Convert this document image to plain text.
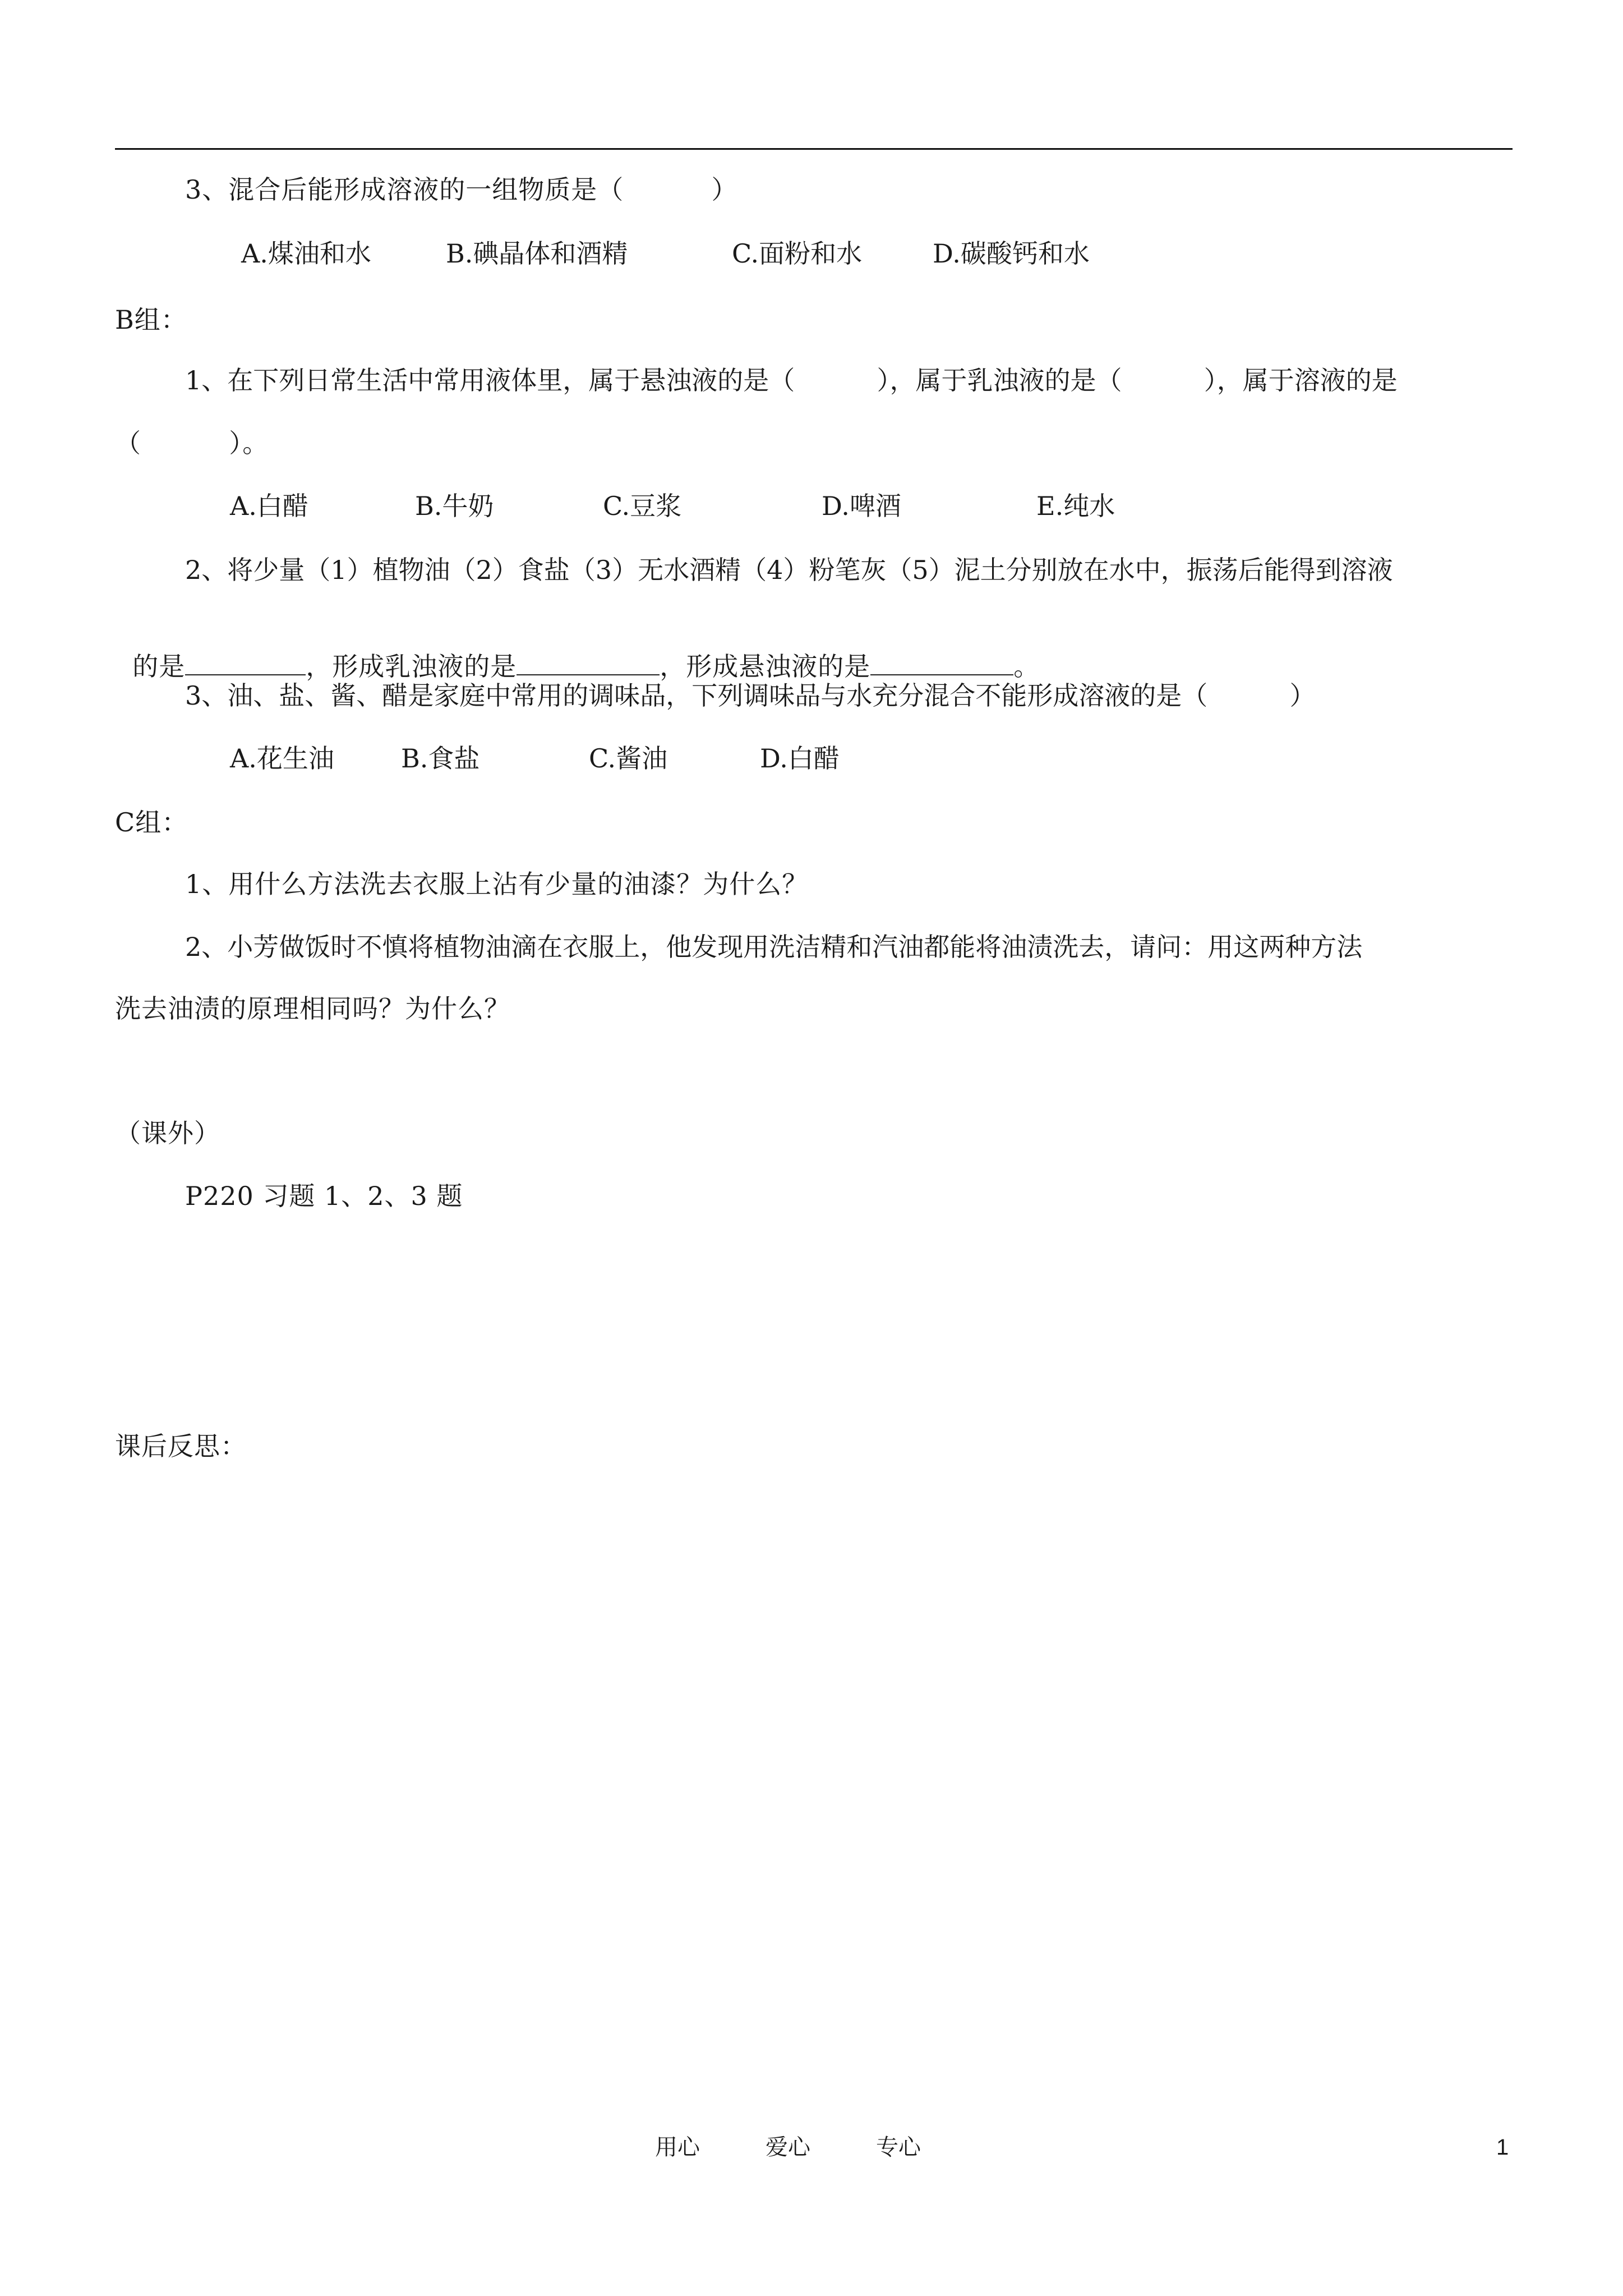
3、混合后能形成溶液的一组物质是（          ）
A.煤油和水	B.碘晶体和酒精	C.面粉和水	D.碳酸钙和水
B组：
1、在下列日常生活中常用液体里，属于悬浊液的是（          ），属于乳浊液的是（          ），属于溶液的是
（          ）。
A.白醋	B.牛奶	C.豆浆	D.啤酒	E.纯水
2、将少量（1）植物油（2）食盐（3）无水酒精（4）粉笔灰（5）泥土分别放在水中，振荡后能得到溶液

的是	，形成乳浊液的是	，形成悬浊液的是	。

3、油、盐、酱、醋是家庭中常用的调味品，下列调味品与水充分混合不能形成溶液的是（          ）
A.花生油	B.食盐	C.酱油	D.白醋
C组：
1、用什么方法洗去衣服上沾有少量的油漆？为什么？
2、小芳做饭时不慎将植物油滴在衣服上，他发现用洗洁精和汽油都能将油渍洗去，请问：用这两种方法
洗去油渍的原理相同吗？为什么？
（课外）
P220 习题 1、2、3 题
课后反思：
用心	爱心	专心	1
